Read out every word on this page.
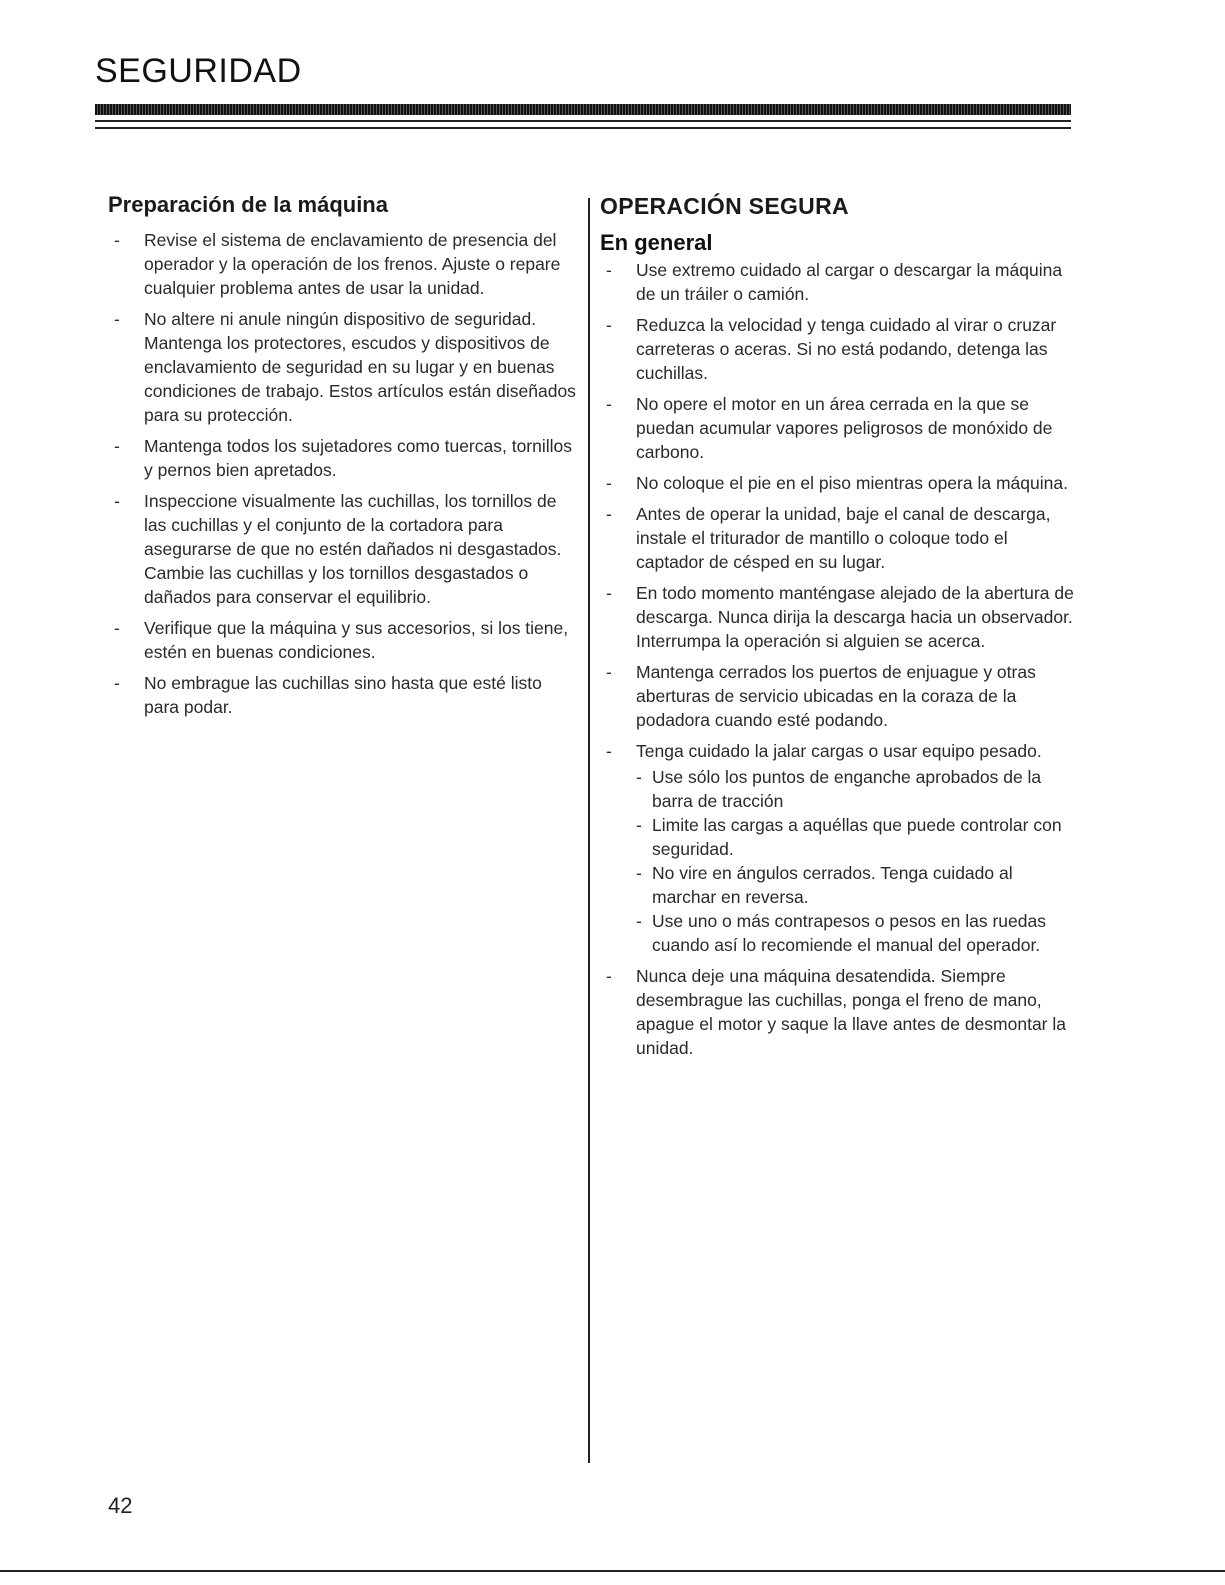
SEGURIDAD
Preparación de la máquina
- Revise el sistema de enclavamiento de presencia del operador y la operación de los frenos. Ajuste o repare cualquier problema antes de usar la unidad.
- No altere ni anule ningún dispositivo de seguridad. Mantenga los protectores, escudos y dispositivos de enclavamiento de seguridad en su lugar y en buenas condiciones de trabajo. Estos artículos están diseñados para su protección.
- Mantenga todos los sujetadores como tuercas, tornillos y pernos bien apretados.
- Inspeccione visualmente las cuchillas, los tornillos de las cuchillas y el conjunto de la cortadora para asegurarse de que no estén dañados ni desgastados. Cambie las cuchillas y los tornillos desgastados o dañados para conservar el equilibrio.
- Verifique que la máquina y sus accesorios, si los tiene, estén en buenas condiciones.
- No embrague las cuchillas sino hasta que esté listo para podar.
OPERACIÓN SEGURA
En general
- Use extremo cuidado al cargar o descargar la máquina de un tráiler o camión.
- Reduzca la velocidad y tenga cuidado al virar o cruzar carreteras o aceras. Si no está podando, detenga las cuchillas.
- No opere el motor en un área cerrada en la que se puedan acumular vapores peligrosos de monóxido de carbono.
- No coloque el pie en el piso mientras opera la máquina.
- Antes de operar la unidad, baje el canal de descarga, instale el triturador de mantillo o coloque todo el captador de césped en su lugar.
- En todo momento manténgase alejado de la abertura de descarga. Nunca dirija la descarga hacia un observador. Interrumpa la operación si alguien se acerca.
- Mantenga cerrados los puertos de enjuague y otras aberturas de servicio ubicadas en la coraza de la podadora cuando esté podando.
- Tenga cuidado la jalar cargas o usar equipo pesado.
- Use sólo los puntos de enganche aprobados de la barra de tracción
- Limite las cargas a aquéllas que puede controlar con seguridad.
- No vire en ángulos cerrados. Tenga cuidado al marchar en reversa.
- Use uno o más contrapesos o pesos en las ruedas cuando así lo recomiende el manual del operador.
- Nunca deje una máquina desatendida. Siempre desembrague las cuchillas, ponga el freno de mano, apague el motor y saque la llave antes de desmontar la unidad.
42
